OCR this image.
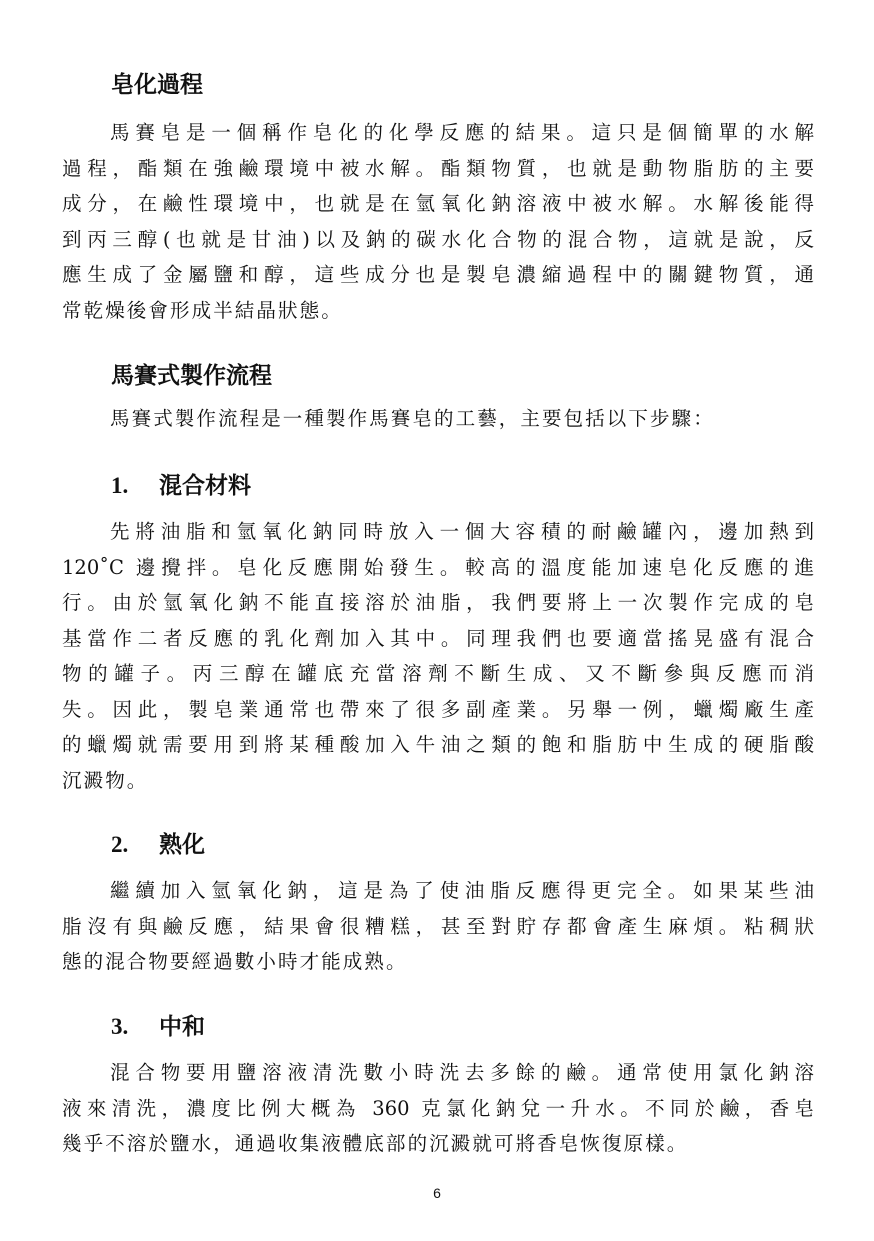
皂化過程
馬賽皂是一個稱作皂化的化學反應的結果。這只是個簡單的水解
過程，酯類在強鹼環境中被水解。酯類物質，也就是動物脂肪的主要
成分，在鹼性環境中，也就是在氫氧化鈉溶液中被水解。水解後能得
到丙三醇(也就是甘油)以及鈉的碳水化合物的混合物，這就是說，反
應生成了金屬鹽和醇，這些成分也是製皂濃縮過程中的關鍵物質，通
常乾燥後會形成半結晶狀態。
馬賽式製作流程
馬賽式製作流程是一種製作馬賽皂的工藝，主要包括以下步驟：
1. 混合材料
先將油脂和氫氧化鈉同時放入一個大容積的耐鹼罐內，邊加熱到
120˚C 邊攪拌。皂化反應開始發生。較高的溫度能加速皂化反應的進
行。由於氫氧化鈉不能直接溶於油脂，我們要將上一次製作完成的皂
基當作二者反應的乳化劑加入其中。同理我們也要適當搖晃盛有混合
物的罐子。丙三醇在罐底充當溶劑不斷生成、又不斷參與反應而消
失。因此，製皂業通常也帶來了很多副產業。另舉一例，蠟燭廠生產
的蠟燭就需要用到將某種酸加入牛油之類的飽和脂肪中生成的硬脂酸
沉澱物。
2. 熟化
繼續加入氫氧化鈉，這是為了使油脂反應得更完全。如果某些油
脂沒有與鹼反應，結果會很糟糕，甚至對貯存都會產生麻煩。粘稠狀
態的混合物要經過數小時才能成熟。
3. 中和
混合物要用鹽溶液清洗數小時洗去多餘的鹼。通常使用氯化鈉溶
液來清洗，濃度比例大概為 360 克氯化鈉兌一升水。不同於鹼，香皂
幾乎不溶於鹽水，通過收集液體底部的沉澱就可將香皂恢復原樣。
6
